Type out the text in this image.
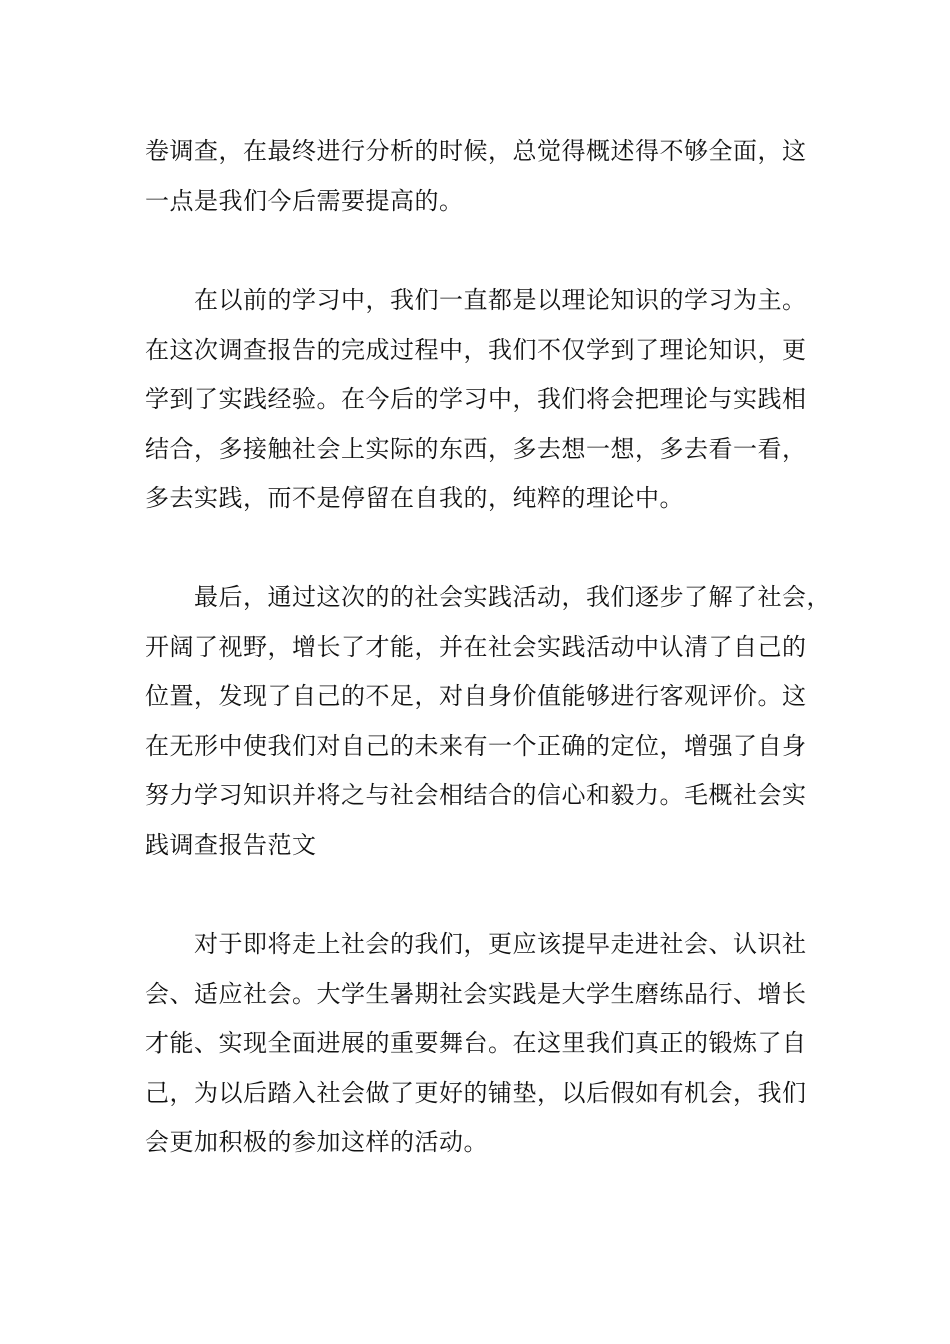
卷调查，在最终进行分析的时候，总觉得概述得不够全面，这
一点是我们今后需要提高的。

在以前的学习中，我们一直都是以理论知识的学习为主。
在这次调查报告的完成过程中，我们不仅学到了理论知识，更
学到了实践经验。在今后的学习中，我们将会把理论与实践相
结合，多接触社会上实际的东西，多去想一想，多去看一看，
多去实践，而不是停留在自我的，纯粹的理论中。

最后，通过这次的的社会实践活动，我们逐步了解了社会，
开阔了视野，增长了才能，并在社会实践活动中认清了自己的
位置，发现了自己的不足，对自身价值能够进行客观评价。这
在无形中使我们对自己的未来有一个正确的定位，增强了自身
努力学习知识并将之与社会相结合的信心和毅力。毛概社会实
践调查报告范文

对于即将走上社会的我们，更应该提早走进社会、认识社
会、适应社会。大学生暑期社会实践是大学生磨练品行、增长
才能、实现全面进展的重要舞台。在这里我们真正的锻炼了自
己，为以后踏入社会做了更好的铺垫，以后假如有机会，我们
会更加积极的参加这样的活动。
